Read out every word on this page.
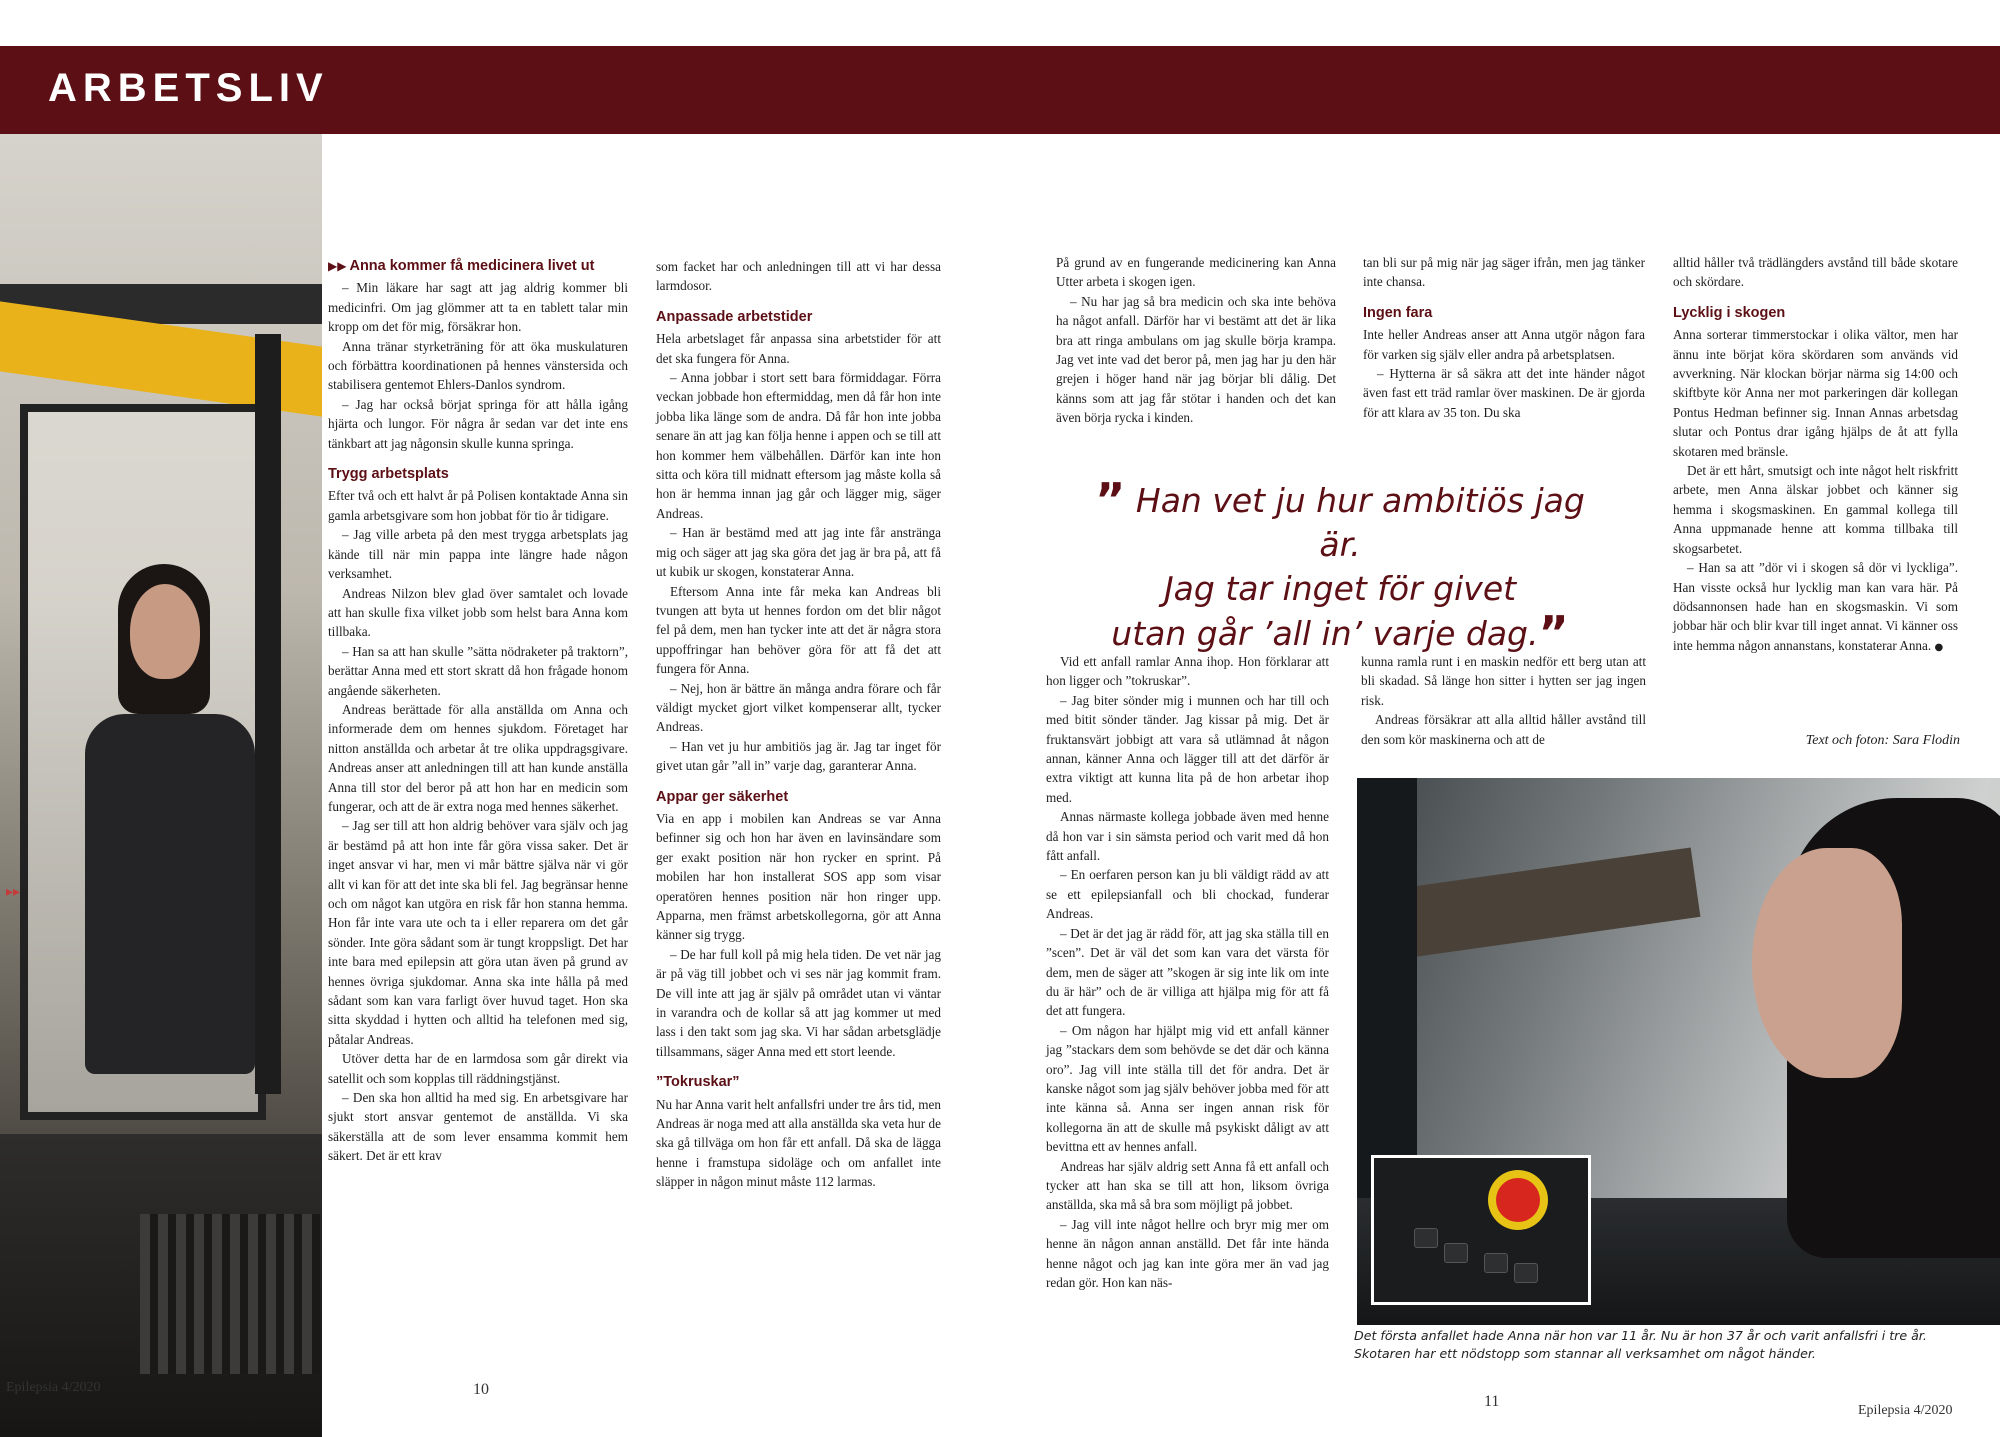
ARBETSLIV
▸▸
▶▶ Anna kommer få medicinera livet ut

– Min läkare har sagt att jag aldrig kommer bli medicinfri. Om jag glömmer att ta en tablett talar min kropp om det för mig, försäkrar hon.

Anna tränar styrketräning för att öka muskulaturen och förbättra koordinationen på hennes vänstersida och stabilisera gentemot Ehlers-Danlos syndrom.

– Jag har också börjat springa för att hålla igång hjärta och lungor. För några år sedan var det inte ens tänkbart att jag någonsin skulle kunna springa.

Trygg arbetsplats

Efter två och ett halvt år på Polisen kontaktade Anna sin gamla arbetsgivare som hon jobbat för tio år tidigare.

– Jag ville arbeta på den mest trygga arbetsplats jag kände till när min pappa inte längre hade någon verksamhet.

Andreas Nilzon blev glad över samtalet och lovade att han skulle fixa vilket jobb som helst bara Anna kom tillbaka.

– Han sa att han skulle ”sätta nödraketer på traktorn”, berättar Anna med ett stort skratt då hon frågade honom angående säkerheten.

Andreas berättade för alla anställda om Anna och informerade dem om hennes sjukdom. Företaget har nitton anställda och arbetar åt tre olika uppdragsgivare. Andreas anser att anledningen till att han kunde anställa Anna till stor del beror på att hon har en medicin som fungerar, och att de är extra noga med hennes säkerhet.

– Jag ser till att hon aldrig behöver vara själv och jag är bestämd på att hon inte får göra vissa saker. Det är inget ansvar vi har, men vi mår bättre själva när vi gör allt vi kan för att det inte ska bli fel. Jag begränsar henne och om något kan utgöra en risk får hon stanna hemma. Hon får inte vara ute och ta i eller reparera om det går sönder. Inte göra sådant som är tungt kroppsligt. Det har inte bara med epilepsin att göra utan även på grund av hennes övriga sjukdomar. Anna ska inte hålla på med sådant som kan vara farligt över huvud taget. Hon ska sitta skyddad i hytten och alltid ha telefonen med sig, påtalar Andreas.

Utöver detta har de en larmdosa som går direkt via satellit och som kopplas till räddningstjänst.

– Den ska hon alltid ha med sig. En arbetsgivare har sjukt stort ansvar gentemot de anställda. Vi ska säkerställa att de som lever ensamma kommit hem säkert. Det är ett krav

som facket har och anledningen till att vi har dessa larmdosor.

Anpassade arbetstider

Hela arbetslaget får anpassa sina arbetstider för att det ska fungera för Anna.

– Anna jobbar i stort sett bara förmiddagar. Förra veckan jobbade hon eftermiddag, men då får hon inte jobba lika länge som de andra. Då får hon inte jobba senare än att jag kan följa henne i appen och se till att hon kommer hem välbehållen. Därför kan inte hon sitta och köra till midnatt eftersom jag måste kolla så hon är hemma innan jag går och lägger mig, säger Andreas.

– Han är bestämd med att jag inte får anstränga mig och säger att jag ska göra det jag är bra på, att få ut kubik ur skogen, konstaterar Anna.

Eftersom Anna inte får meka kan Andreas bli tvungen att byta ut hennes fordon om det blir något fel på dem, men han tycker inte att det är några stora uppoffringar han behöver göra för att få det att fungera för Anna.

– Nej, hon är bättre än många andra förare och får väldigt mycket gjort vilket kompenserar allt, tycker Andreas.

– Han vet ju hur ambitiös jag är. Jag tar inget för givet utan går ”all in” varje dag, garanterar Anna.

Appar ger säkerhet

Via en app i mobilen kan Andreas se var Anna befinner sig och hon har även en lavinsändare som ger exakt position när hon rycker en sprint. På mobilen har hon installerat SOS app som visar operatören hennes position när hon ringer upp. Apparna, men främst arbetskollegorna, gör att Anna känner sig trygg.

– De har full koll på mig hela tiden. De vet när jag är på väg till jobbet och vi ses när jag kommit fram. De vill inte att jag är själv på området utan vi väntar in varandra och de kollar så att jag kommer ut med lass i den takt som jag ska. Vi har sådan arbetsglädje tillsammans, säger Anna med ett stort leende.

”Tokruskar”

Nu har Anna varit helt anfallsfri under tre års tid, men Andreas är noga med att alla anställda ska veta hur de ska gå tillväga om hon får ett anfall. Då ska de lägga henne i framstupa sidoläge och om anfallet inte släpper in någon minut måste 112 larmas.

Epilepsia 4/2020	10

På grund av en fungerande medicinering kan Anna Utter arbeta i skogen igen.

– Nu har jag så bra medicin och ska inte behöva ha något anfall. Därför har vi bestämt att det är lika bra att ringa ambulans om jag skulle börja krampa. Jag vet inte vad det beror på, men jag har ju den här grejen i höger hand när jag börjar bli dålig. Det känns som att jag får stötar i handen och det kan även börja rycka i kinden.

tan bli sur på mig när jag säger ifrån, men jag tänker inte chansa.

Ingen fara

Inte heller Andreas anser att Anna utgör någon fara för varken sig själv eller andra på arbetsplatsen.

– Hytterna är så säkra att det inte händer något även fast ett träd ramlar över maskinen. De är gjorda för att klara av 35 ton. Du ska

alltid håller två trädlängders avstånd till både skotare och skördare.

Lycklig i skogen

Anna sorterar timmerstockar i olika vältor, men har ännu inte börjat köra skördaren som används vid avverkning. När klockan börjar närma sig 14:00 och skiftbyte kör Anna ner mot parkeringen där kollegan Pontus Hedman befinner sig. Innan Annas arbetsdag slutar och Pontus drar igång hjälps de åt att fylla skotaren med bränsle.

Det är ett hårt, smutsigt och inte något helt riskfritt arbete, men Anna älskar jobbet och känner sig hemma i skogsmaskinen. En gammal kollega till Anna uppmanade henne att komma tillbaka till skogsarbetet.

– Han sa att ”dör vi i skogen så dör vi lyckliga”. Han visste också hur lycklig man kan vara här. På dödsannonsen hade han en skogsmaskin. Vi som jobbar här och blir kvar till inget annat. Vi känner oss inte hemma någon annanstans, konstaterar Anna. ●

Text och foton: Sara Flodin
” Han vet ju hur ambitiös jag är.
Jag tar inget för givet
utan går ’all in’ varje dag.”

Vid ett anfall ramlar Anna ihop. Hon förklarar att hon ligger och ”tokruskar”.

– Jag biter sönder mig i munnen och har till och med bitit sönder tänder. Jag kissar på mig. Det är fruktansvärt jobbigt att vara så utlämnad åt någon annan, känner Anna och lägger till att det därför är extra viktigt att kunna lita på de hon arbetar ihop med.

Annas närmaste kollega jobbade även med henne då hon var i sin sämsta period och varit med då hon fått anfall.

– En oerfaren person kan ju bli väldigt rädd av att se ett epilepsianfall och bli chockad, funderar Andreas.

– Det är det jag är rädd för, att jag ska ställa till en ”scen”. Det är väl det som kan vara det värsta för dem, men de säger att ”skogen är sig inte lik om inte du är här” och de är villiga att hjälpa mig för att få det att fungera.

– Om någon har hjälpt mig vid ett anfall känner jag ”stackars dem som behövde se det där och känna oro”. Jag vill inte ställa till det för andra. Det är kanske något som jag själv behöver jobba med för att inte känna så. Anna ser ingen annan risk för kollegorna än att de skulle må psykiskt dåligt av att bevittna ett av hennes anfall.

Andreas har själv aldrig sett Anna få ett anfall och tycker att han ska se till att hon, liksom övriga anställda, ska må så bra som möjligt på jobbet.

– Jag vill inte något hellre och bryr mig mer om henne än någon annan anställd. Det får inte hända henne något och jag kan inte göra mer än vad jag redan gör. Hon kan näs-

kunna ramla runt i en maskin nedför ett berg utan att bli skadad. Så länge hon sitter i hytten ser jag ingen risk.

Andreas försäkrar att alla alltid håller avstånd till den som kör maskinerna och att de

Det första anfallet hade Anna när hon var 11 år. Nu är hon 37 år och varit anfallsfri i tre år.
Skotaren har ett nödstopp som stannar all verksamhet om något händer.
11
Epilepsia 4/2020
